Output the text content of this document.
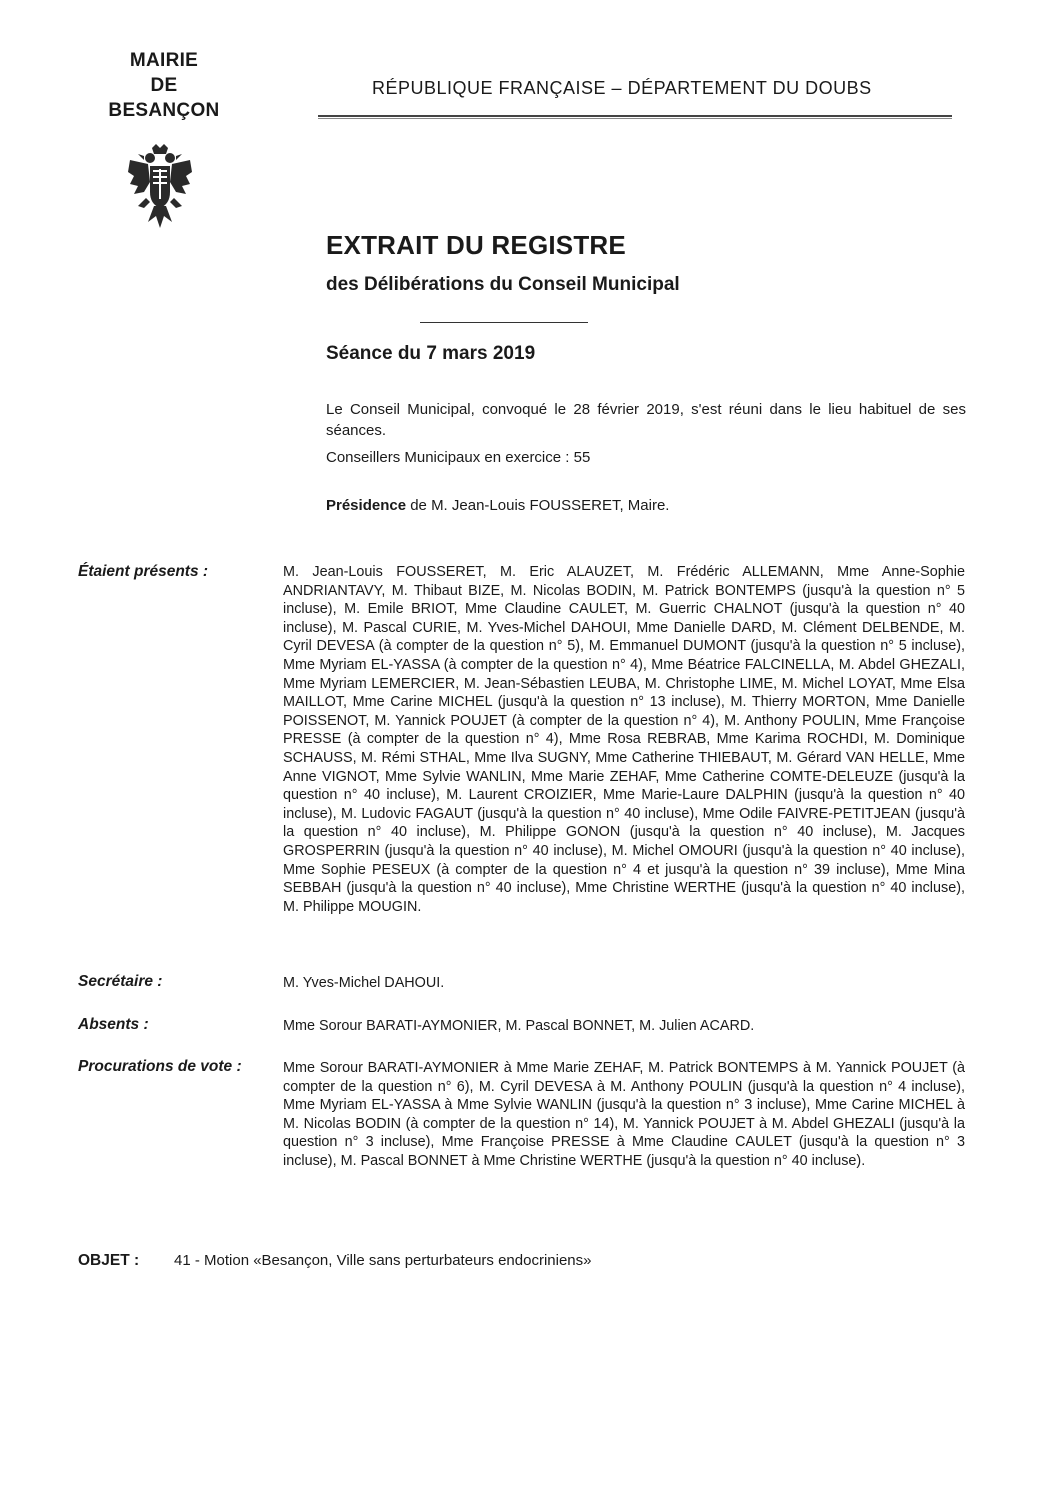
MAIRIE
DE
BESANÇON
RÉPUBLIQUE FRANÇAISE – DÉPARTEMENT DU DOUBS
EXTRAIT DU REGISTRE
des Délibérations du Conseil Municipal
Séance du 7 mars 2019
Le Conseil Municipal, convoqué le 28 février 2019, s'est réuni dans le lieu habituel de ses séances.
Conseillers Municipaux en exercice : 55
Présidence de M. Jean-Louis FOUSSERET, Maire.
Étaient présents :	M. Jean-Louis FOUSSERET, M. Eric ALAUZET, M. Frédéric ALLEMANN, Mme Anne-Sophie ANDRIANTAVY, M. Thibaut BIZE, M. Nicolas BODIN, M. Patrick BONTEMPS (jusqu'à la question n° 5 incluse), M. Emile BRIOT, Mme Claudine CAULET, M. Guerric CHALNOT (jusqu'à la question n° 40 incluse), M. Pascal CURIE, M. Yves-Michel DAHOUI, Mme Danielle DARD, M. Clément DELBENDE, M. Cyril DEVESA (à compter de la question n° 5), M. Emmanuel DUMONT (jusqu'à la question n° 5 incluse), Mme Myriam EL-YASSA (à compter de la question n° 4), Mme Béatrice FALCINELLA, M. Abdel GHEZALI, Mme Myriam LEMERCIER, M. Jean-Sébastien LEUBA, M. Christophe LIME, M. Michel LOYAT, Mme Elsa MAILLOT, Mme Carine MICHEL (jusqu'à la question n° 13 incluse), M. Thierry MORTON, Mme Danielle POISSENOT, M. Yannick POUJET (à compter de la question n° 4), M. Anthony POULIN, Mme Françoise PRESSE (à compter de la question n° 4), Mme Rosa REBRAB, Mme Karima ROCHDI, M. Dominique SCHAUSS, M. Rémi STHAL, Mme Ilva SUGNY, Mme Catherine THIEBAUT, M. Gérard VAN HELLE, Mme Anne VIGNOT, Mme Sylvie WANLIN, Mme Marie ZEHAF, Mme Catherine COMTE-DELEUZE (jusqu'à la question n° 40 incluse), M. Laurent CROIZIER, Mme Marie-Laure DALPHIN (jusqu'à la question n° 40 incluse), M. Ludovic FAGAUT (jusqu'à la question n° 40 incluse), Mme Odile FAIVRE-PETITJEAN (jusqu'à la question n° 40 incluse), M. Philippe GONON (jusqu'à la question n° 40 incluse), M. Jacques GROSPERRIN (jusqu'à la question n° 40 incluse), M. Michel OMOURI (jusqu'à la question n° 40 incluse), Mme Sophie PESEUX (à compter de la question n° 4 et jusqu'à la question n° 39 incluse), Mme Mina SEBBAH (jusqu'à la question n° 40 incluse), Mme Christine WERTHE (jusqu'à la question n° 40 incluse), M. Philippe MOUGIN.
Secrétaire :	M. Yves-Michel DAHOUI.
Absents :	Mme Sorour BARATI-AYMONIER, M. Pascal BONNET, M. Julien ACARD.
Procurations de vote :	Mme Sorour BARATI-AYMONIER à Mme Marie ZEHAF, M. Patrick BONTEMPS à M. Yannick POUJET (à compter de la question n° 6), M. Cyril DEVESA à M. Anthony POULIN (jusqu'à la question n° 4 incluse), Mme Myriam EL-YASSA à Mme Sylvie WANLIN (jusqu'à la question n° 3 incluse), Mme Carine MICHEL à M. Nicolas BODIN (à compter de la question n° 14), M. Yannick POUJET à M. Abdel GHEZALI (jusqu'à la question n° 3 incluse), Mme Françoise PRESSE à Mme Claudine CAULET (jusqu'à la question n° 3 incluse), M. Pascal BONNET à Mme Christine WERTHE (jusqu'à la question n° 40 incluse).
OBJET : 41 - Motion «Besançon, Ville sans perturbateurs endocriniens»
